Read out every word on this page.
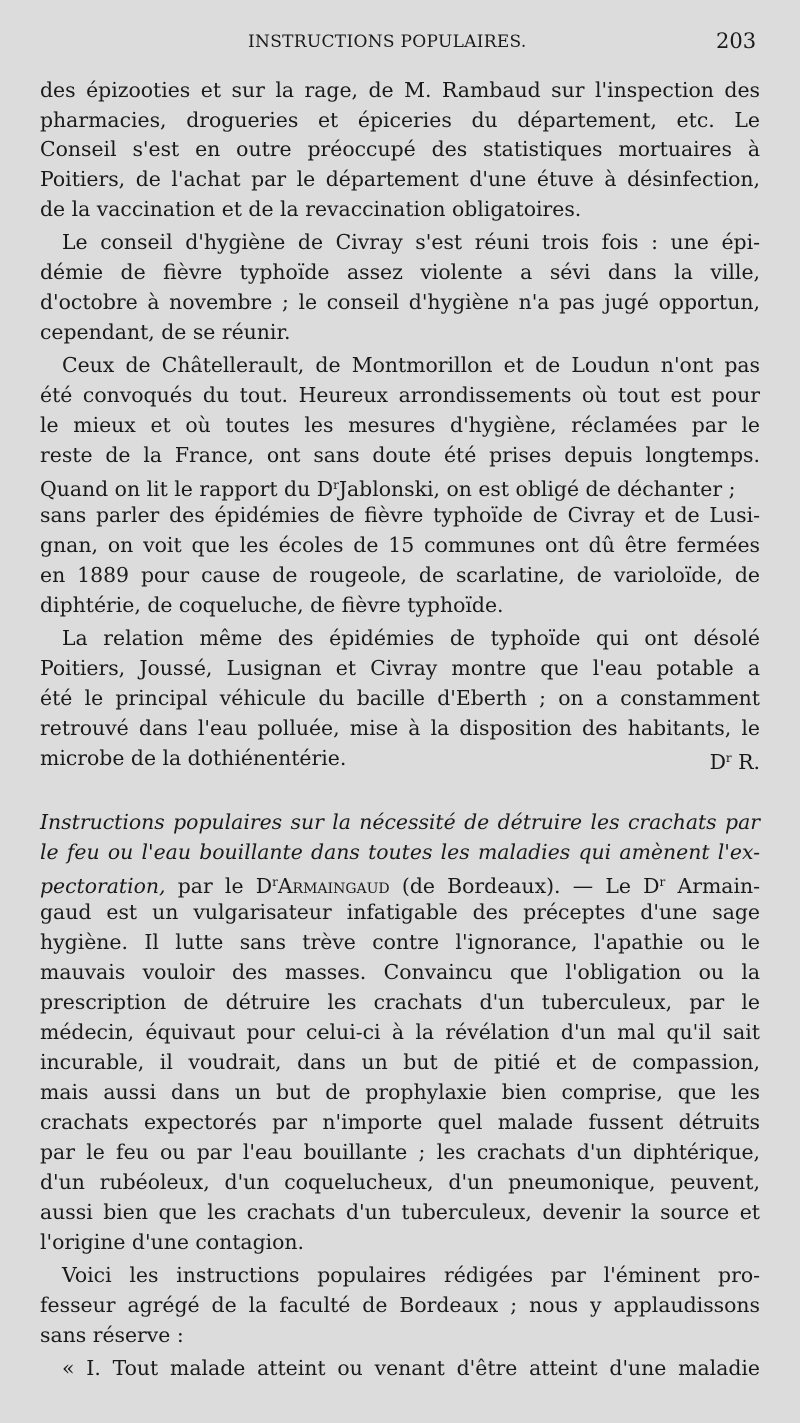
INSTRUCTIONS POPULAIRES.	203
des épizooties et sur la rage, de M. Rambaud sur l'inspection des
pharmacies, drogueries et épiceries du département, etc. Le
Conseil s'est en outre préoccupé des statistiques mortuaires à
Poitiers, de l'achat par le département d'une étuve à désinfection,
de la vaccination et de la revaccination obligatoires.
Le conseil d'hygiène de Civray s'est réuni trois fois : une épi-
démie de fièvre typhoïde assez violente a sévi dans la ville,
d'octobre à novembre ; le conseil d'hygiène n'a pas jugé opportun,
cependant, de se réunir.
Ceux de Châtellerault, de Montmorillon et de Loudun n'ont pas
été convoqués du tout. Heureux arrondissements où tout est pour
le mieux et où toutes les mesures d'hygiène, réclamées par le
reste de la France, ont sans doute été prises depuis longtemps.
Quand on lit le rapport du $D^rJablonski$, on est obligé de déchanter ;
sans parler des épidémies de fièvre typhoïde de Civray et de Lusi-
gnan, on voit que les écoles de 15 communes ont dû être fermées
en 1889 pour cause de rougeole, de scarlatine, de varioloïde, de
diphtérie, de coqueluche, de fièvre typhoïde.
La relation même des épidémies de typhoïde qui ont désolé
Poitiers, Joussé, Lusignan et Civray montre que l'eau potable a
été le principal véhicule du bacille d'Eberth ; on a constamment
retrouvé dans l'eau polluée, mise à la disposition des habitants, le
microbe de la dothiénentérie.	$D^r$ R.
Instructions populaires sur la nécessité de détruire les crachats par
le feu ou l'eau bouillante dans toutes les maladies qui amènent l'ex-
pectoration, par le $D^rArmaingaud$ (de Bordeaux). — Le $D^r$ Armain-
gaud est un vulgarisateur infatigable des préceptes d'une sage
hygiène. Il lutte sans trève contre l'ignorance, l'apathie ou le
mauvais vouloir des masses. Convaincu que l'obligation ou la
prescription de détruire les crachats d'un tuberculeux, par le
médecin, équivaut pour celui-ci à la révélation d'un mal qu'il sait
incurable, il voudrait, dans un but de pitié et de compassion,
mais aussi dans un but de prophylaxie bien comprise, que les
crachats expectorés par n'importe quel malade fussent détruits
par le feu ou par l'eau bouillante ; les crachats d'un diphtérique,
d'un rubéoleux, d'un coquelucheux, d'un pneumonique, peuvent,
aussi bien que les crachats d'un tuberculeux, devenir la source et
l'origine d'une contagion.
Voici les instructions populaires rédigées par l'éminent pro-
fesseur agrégé de la faculté de Bordeaux ; nous y applaudissons
sans réserve :
« I. Tout malade atteint ou venant d'être atteint d'une maladie
